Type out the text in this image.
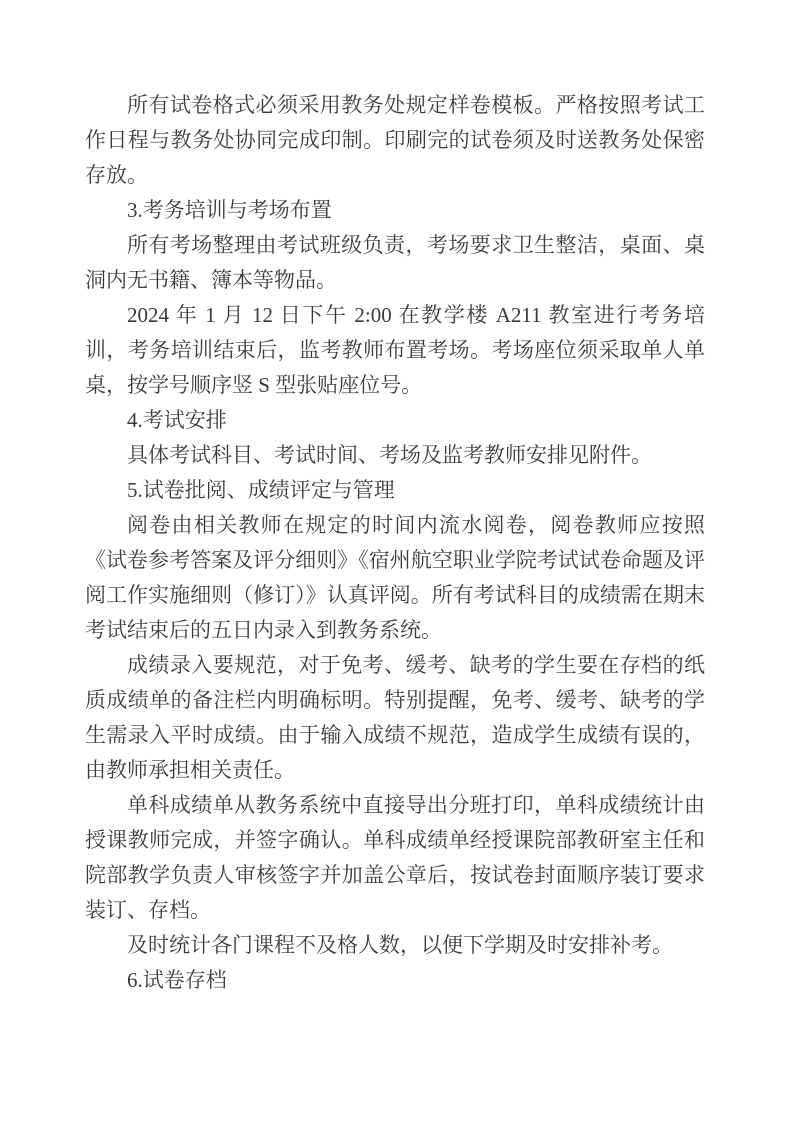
所有试卷格式必须采用教务处规定样卷模板。严格按照考试工作日程与教务处协同完成印制。印刷完的试卷须及时送教务处保密存放。

3.考务培训与考场布置

所有考场整理由考试班级负责，考场要求卫生整洁，桌面、桌洞内无书籍、簿本等物品。

2024 年 1 月 12 日下午 2:00 在教学楼 A211 教室进行考务培训，考务培训结束后，监考教师布置考场。考场座位须采取单人单桌，按学号顺序竖 S 型张贴座位号。

4.考试安排

具体考试科目、考试时间、考场及监考教师安排见附件。

5.试卷批阅、成绩评定与管理

阅卷由相关教师在规定的时间内流水阅卷，阅卷教师应按照《试卷参考答案及评分细则》《宿州航空职业学院考试试卷命题及评阅工作实施细则（修订）》认真评阅。所有考试科目的成绩需在期末考试结束后的五日内录入到教务系统。

成绩录入要规范，对于免考、缓考、缺考的学生要在存档的纸质成绩单的备注栏内明确标明。特别提醒，免考、缓考、缺考的学生需录入平时成绩。由于输入成绩不规范，造成学生成绩有误的，由教师承担相关责任。

单科成绩单从教务系统中直接导出分班打印，单科成绩统计由授课教师完成，并签字确认。单科成绩单经授课院部教研室主任和院部教学负责人审核签字并加盖公章后，按试卷封面顺序装订要求装订、存档。

及时统计各门课程不及格人数，以便下学期及时安排补考。

6.试卷存档
